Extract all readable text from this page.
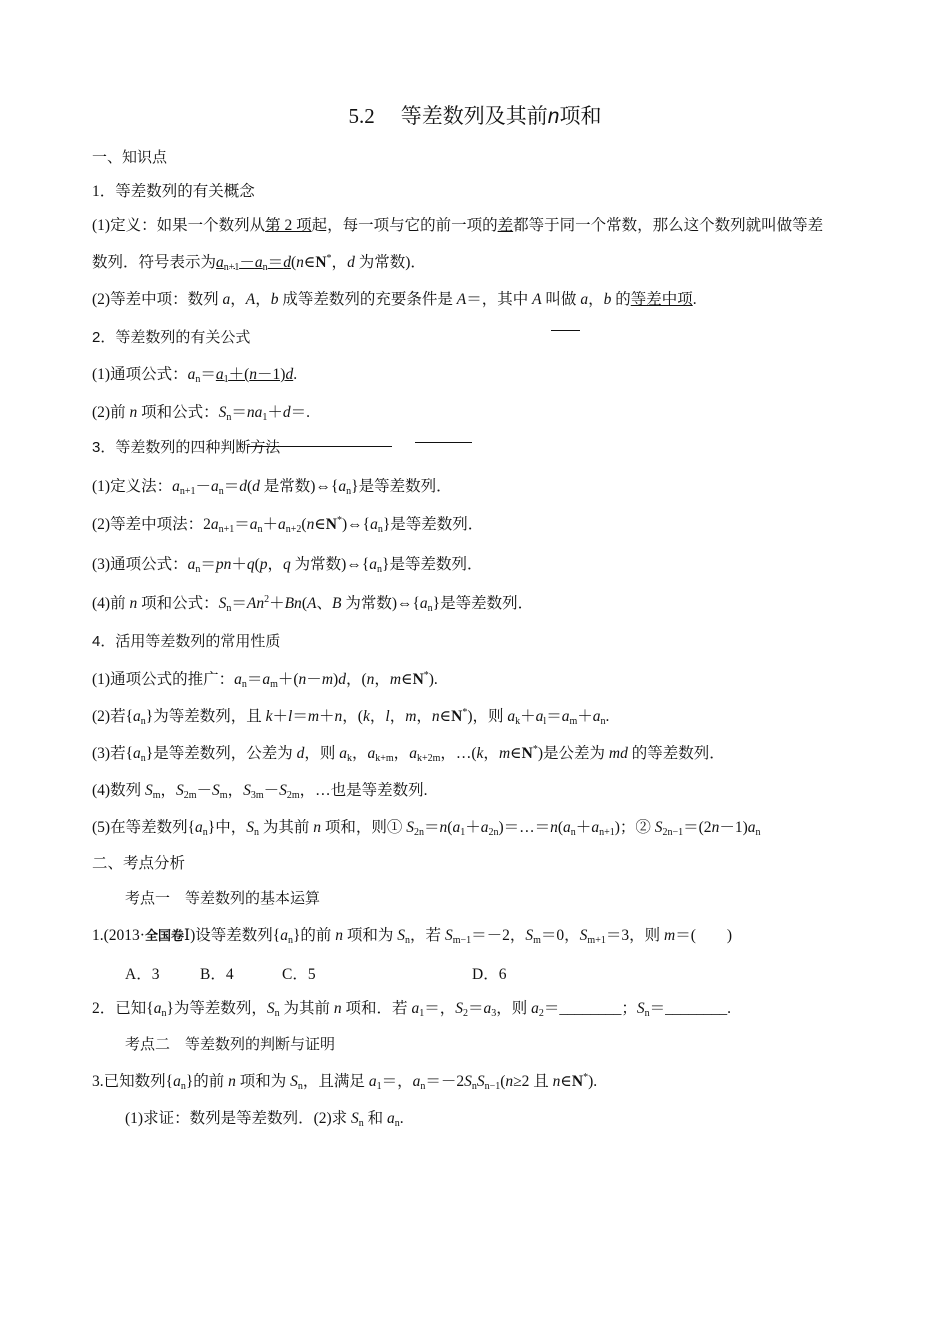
5.2 等差数列及其前n项和
一、知识点
1．等差数列的有关概念
(1)定义：如果一个数列从第 2 项起，每一项与它的前一项的差都等于同一个常数，那么这个数列就叫做等差
数列．符号表示为$a_{n+1}-a_n=d(n\in N^*$，d 为常数)．
(2)等差中项：数列 a，A，b 成等差数列的充要条件是 A＝，其中 A 叫做 a，b 的等差中项.
2．等差数列的有关公式
(1)通项公式：$a_n=a_1+(n-1)d$.
(2)前 n 项和公式：$S_n=na_1+d=$.
3．等差数列的四种判断方法
(1)定义法：$a_{n+1}-a_n=d(d$ 是常数)$\Leftrightarrow\{a_n\}$是等差数列．
(2)等差中项法：$2a_{n+1}=a_n+a_{n+2}(n\in N^*)\Leftrightarrow\{a_n\}$是等差数列．
(3)通项公式：$a_n=pn+q(p$，q 为常数)$\Leftrightarrow\{a_n\}$是等差数列．
(4)前 n 项和公式：$S_n=An^2+Bn(A$、B 为常数)$\Leftrightarrow\{a_n\}$是等差数列．
4．活用等差数列的常用性质
(1)通项公式的推广：$a_n=a_m+(n-m)d$，(n，m∈N*).
(2)若$\{a_n\}$为等差数列，且 k＋l＝m＋n，(k，l，m，n∈N*)，则 $a_k+a_l=a_m+a_n$.
(3)若$\{a_n\}$是等差数列，公差为 d，则 $a_k$，$a_{k+m}$，$a_{k+2m}$，…(k，m∈N*)是公差为 md 的等差数列．
(4)数列 $S_m$，$S_{2m}-S_m$，$S_{3m}-S_{2m}$，…也是等差数列.
(5)在等差数列$\{a_n\}$中，$S_n$ 为其前 n 项和，则① $S_{2n}=n(a_1+a_{2n})=\dots=n(a_n+a_{n+1})$；② $S_{2n-1}=(2n-1)a_n$
二、考点分析
考点一　等差数列的基本运算
1.(2013·全国卷Ⅰ)设等差数列$\{a_n\}$的前 n 项和为 $S_n$，若 $S_{m-1}=-2$，$S_m=0$，$S_{m+1}=3$，则 m＝(　　)
A．3	B．4	C．5	D．6
2．已知$\{a_n\}$为等差数列，$S_n$ 为其前 n 项和．若 $a_1=$，$S_2=a_3$，则 $a_2=\_\_\_\_\_\_\_\_$；$S_n=\_\_\_\_\_\_\_\_$.
考点二　等差数列的判断与证明
3.已知数列$\{a_n\}$的前 n 项和为 $S_n$，且满足 $a_1=$，$a_n=-2S_nS_{n-1}(n\ge 2$ 且 n∈N*).
(1)求证：数列是等差数列．(2)求 $S_n$ 和 $a_n$.
